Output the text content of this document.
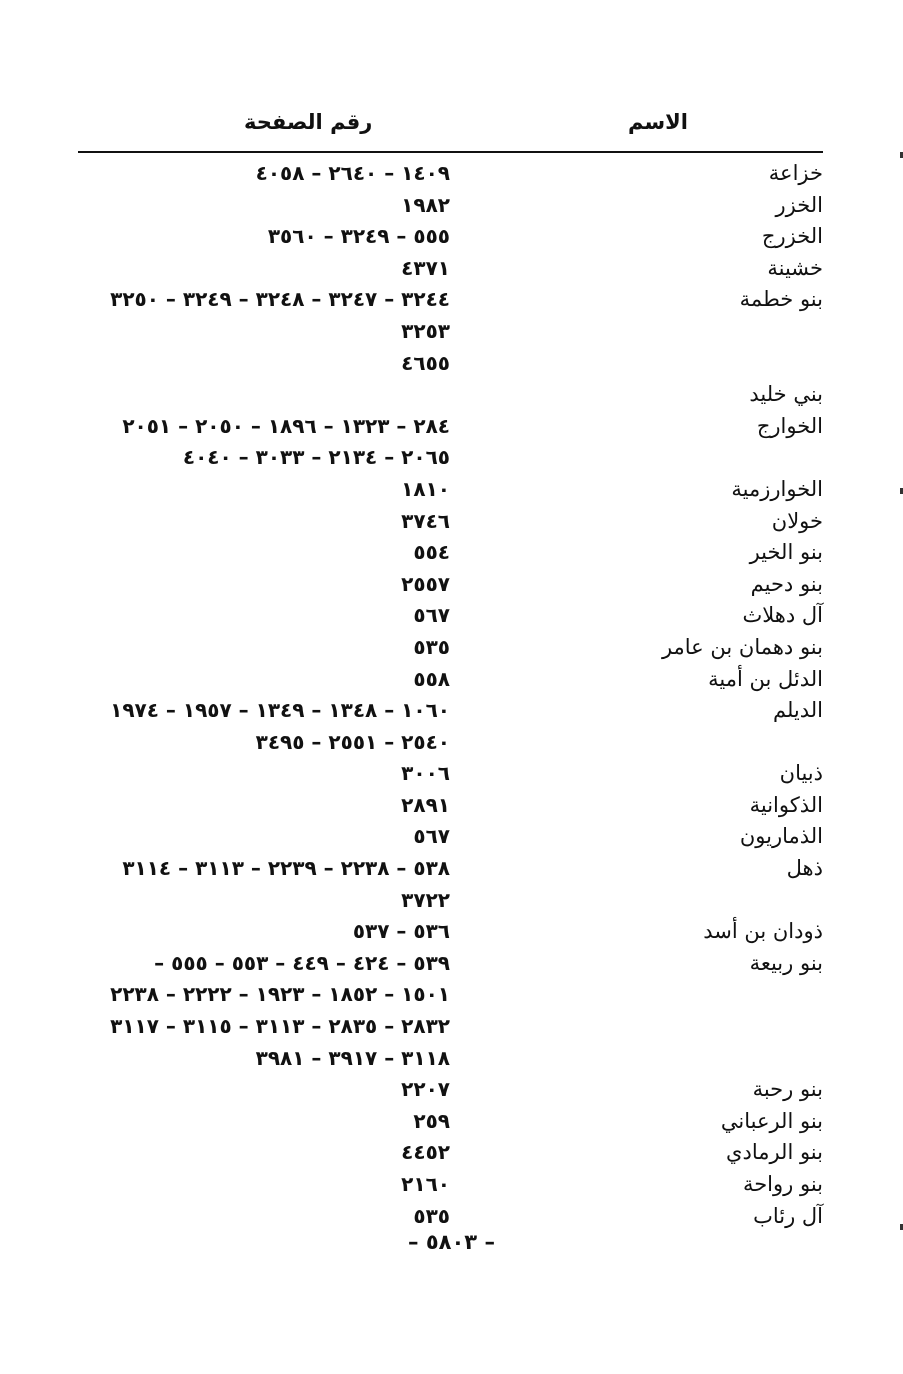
الاسم
رقم الصفحة
خزاعة
١٤٠٩ – ٢٦٤٠ – ٤٠٥٨
الخزر
١٩٨٢
الخزرج
٥٥٥ – ٣٢٤٩ – ٣٥٦٠
خشينة
٤٣٧١
بنو خطمة
٣٢٤٤ – ٣٢٤٧ – ٣٢٤٨ – ٣٢٤٩ – ٣٢٥٠
٣٢٥٣
٤٦٥٥
بني خليد
الخوارج
٢٨٤ – ١٣٢٣ – ١٨٩٦ – ٢٠٥٠ – ٢٠٥١
٢٠٦٥ – ٢١٣٤ – ٣٠٣٣ – ٤٠٤٠
الخوارزمية
١٨١٠
خولان
٣٧٤٦
بنو الخير
٥٥٤
بنو دحيم
٢٥٥٧
آل دهلاث
٥٦٧
بنو دهمان بن عامر
٥٣٥
الدئل بن أمية
٥٥٨
الديلم
١٠٦٠ – ١٣٤٨ – ١٣٤٩ – ١٩٥٧ – ١٩٧٤
٢٥٤٠ – ٢٥٥١ – ٣٤٩٥
ذبيان
٣٠٠٦
الذكوانية
٢٨٩١
الذماريون
٥٦٧
ذهل
٥٣٨ – ٢٢٣٨ – ٢٢٣٩ – ٣١١٣ – ٣١١٤
٣٧٢٢
ذودان بن أسد
٥٣٦ – ٥٣٧
بنو ربيعة
٥٣٩ – ٤٢٤ – ٤٤٩ – ٥٥٣ – ٥٥٥ –
١٥٠١ – ١٨٥٢ – ١٩٢٣ – ٢٢٢٢ – ٢٢٣٨
٢٨٣٢ – ٢٨٣٥ – ٣١١٣ – ٣١١٥ – ٣١١٧
٣١١٨ – ٣٩١٧ – ٣٩٨١
بنو رحبة
٢٢٠٧
بنو الرعباني
٢٥٩
بنو الرمادي
٤٤٥٢
بنو رواحة
٢١٦٠
آل رئاب
٥٣٥
– ٥٨٠٣ –
